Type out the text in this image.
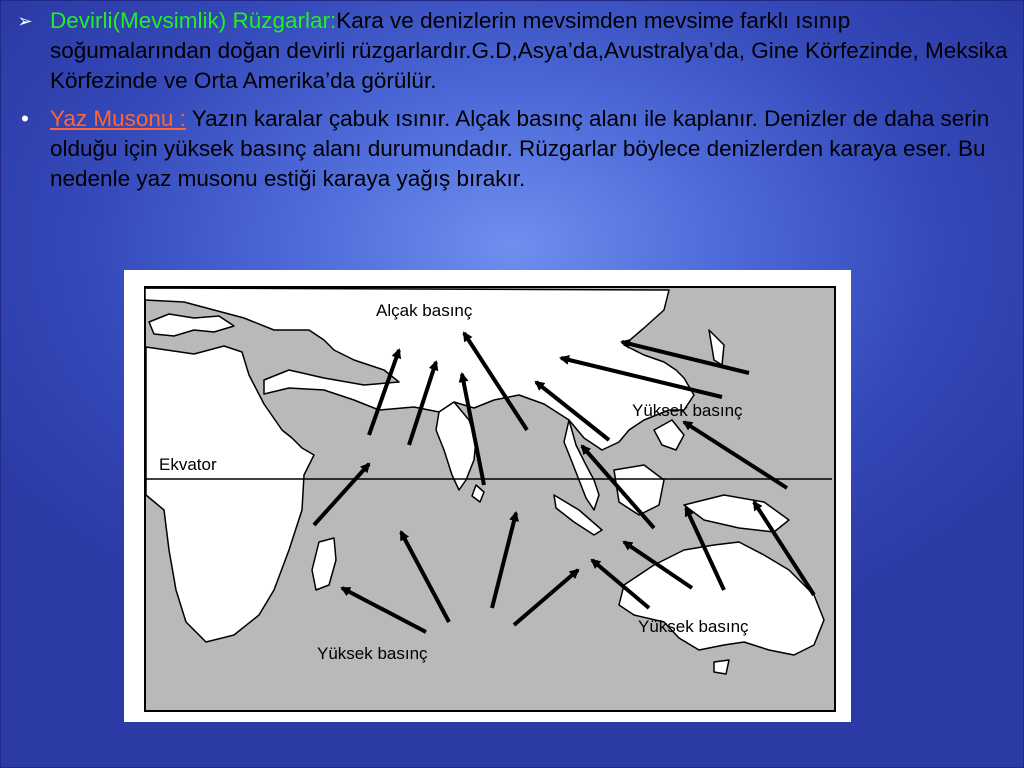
➢ Devirli(Mevsimlik) Rüzgarlar:Kara ve denizlerin mevsimden mevsime farklı ısınıp soğumalarından doğan devirli rüzgarlardır.G.D,Asya’da,Avustralya’da, Gine Körfezinde, Meksika Körfezinde ve Orta Amerika’da görülür.
• Yaz Musonu : Yazın karalar çabuk ısınır. Alçak basınç alanı ile kaplanır. Denizler de daha serin olduğu için yüksek basınç alanı durumundadır. Rüzgarlar böylece denizlerden karaya eser. Bu nedenle yaz musonu estiği karaya yağış bırakır.
Ekvator
Alçak basınç
Yüksek basınç
Yüksek basınç
Yüksek basınç
